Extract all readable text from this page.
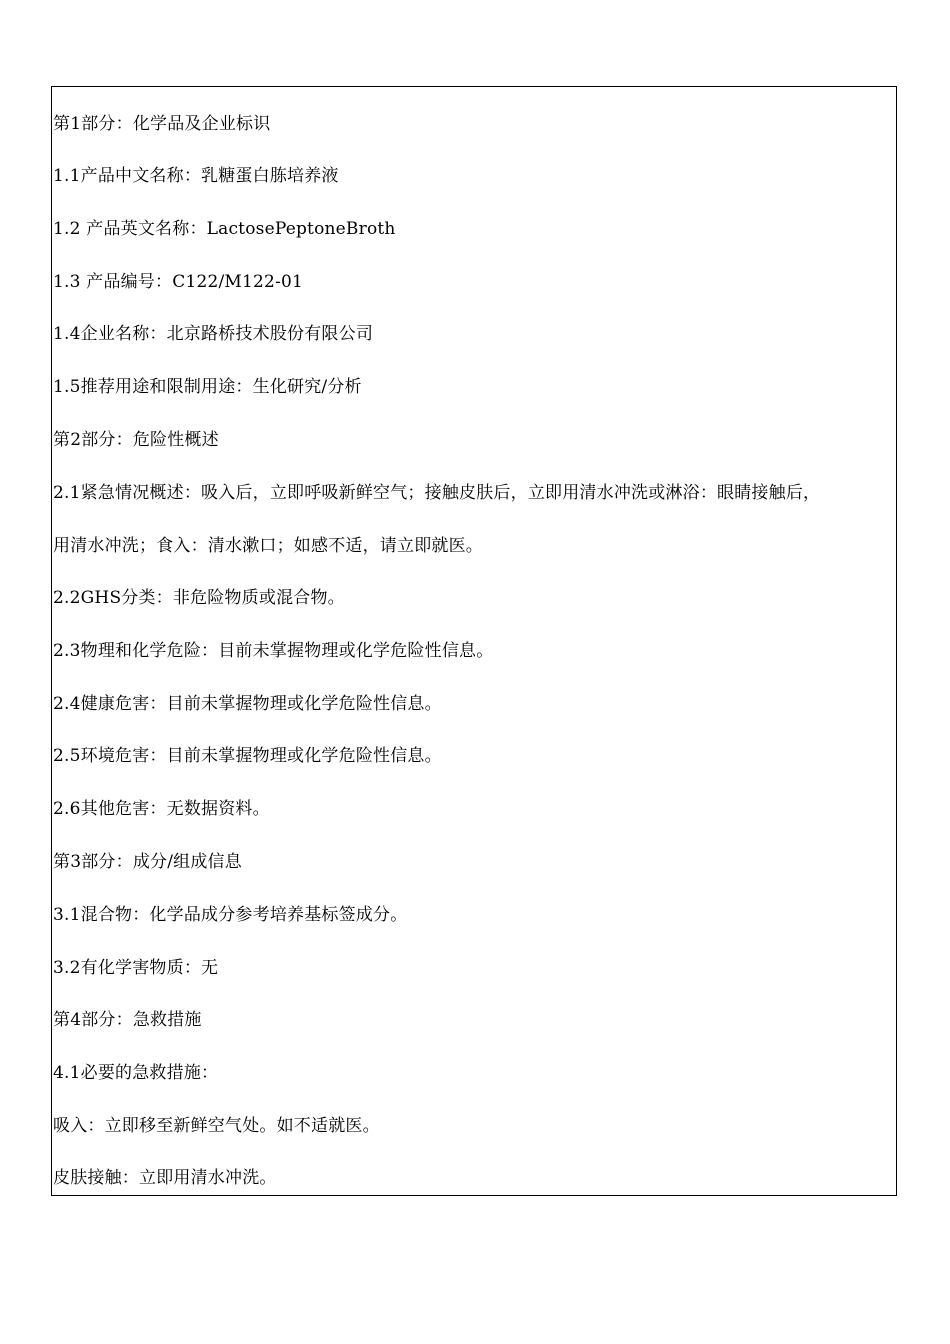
第1部分：化学品及企业标识
1.1产品中文名称：乳糖蛋白胨培养液
1.2 产品英文名称：LactosePeptoneBroth
1.3 产品编号：C122/M122-01
1.4企业名称：北京路桥技术股份有限公司
1.5推荐用途和限制用途：生化研究/分析
第2部分：危险性概述
2.1紧急情况概述：吸入后，立即呼吸新鲜空气；接触皮肤后，立即用清水冲洗或淋浴：眼睛接触后，
用清水冲洗；食入：清水漱口；如感不适，请立即就医。
2.2GHS分类：非危险物质或混合物。
2.3物理和化学危险：目前未掌握物理或化学危险性信息。
2.4健康危害：目前未掌握物理或化学危险性信息。
2.5环境危害：目前未掌握物理或化学危险性信息。
2.6其他危害：无数据资料。
第3部分：成分/组成信息
3.1混合物：化学品成分参考培养基标签成分。
3.2有化学害物质：无
第4部分：急救措施
4.1必要的急救措施：
吸入：立即移至新鲜空气处。如不适就医。
皮肤接触：立即用清水冲洗。
